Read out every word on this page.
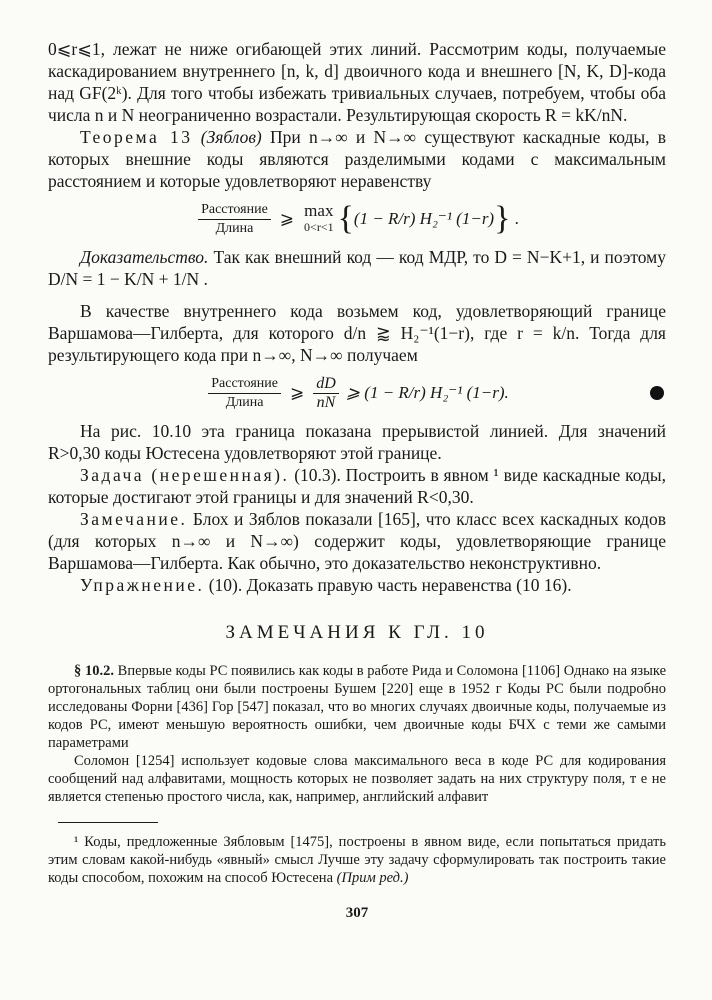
0⩽r⩽1, лежат не ниже огибающей этих линий. Рассмотрим коды, получаемые каскадированием внутреннего [n, k, d] двоичного кода и внешнего [N, K, D]-кода над GF(2ᵏ). Для того чтобы избежать тривиальных случаев, потребуем, чтобы оба числа n и N неограниченно возрастали. Результирующая скорость R = kK/nN.

Теорема 13 (Зяблов) При n→∞ и N→∞ существуют каскадные коды, в которых внешние коды являются разделимыми кодами с максимальным расстоянием и которые удовлетворяют неравенству

$\frac{\text{Расстояние}}{\text{Длина}}$ ⩾ max
0<r<1 { (1 − R/r) H₂⁻¹ (1−r) } .

Доказательство. Так как внешний код — код МДР, то D = N−K+1, и поэтому D/N = 1 − K/N + 1/N .

В качестве внутреннего кода возьмем код, удовлетворяющий границе Варшамова—Гилберта, для которого d/n ⪆ H₂⁻¹(1−r), где r = k/n. Тогда для результирующего кода при n→∞, N→∞ получаем

$\frac{\text{Расстояние}}{\text{Длина}}$ ⩾ $\frac{dD}{nN}$ ⩾ (1 − R/r) H₂⁻¹ (1−r).

На рис. 10.10 эта граница показана прерывистой линией. Для значений R>0,30 коды Юстесена удовлетворяют этой границе.

Задача (нерешенная). (10.3). Построить в явном ¹ виде каскадные коды, которые достигают этой границы и для значений R<0,30.

Замечание. Блох и Зяблов показали [165], что класс всех каскадных кодов (для которых n→∞ и N→∞) содержит коды, удовлетворяющие границе Варшамова—Гилберта. Как обычно, это доказательство неконструктивно.

Упражнение. (10). Доказать правую часть неравенства (10 16).

ЗАМЕЧАНИЯ К ГЛ. 10

§ 10.2. Впервые коды РС появились как коды в работе Рида и Соломона [1106] Однако на языке ортогональных таблиц они были построены Бушем [220] еще в 1952 г Коды РС были подробно исследованы Форни [436] Гор [547] показал, что во многих случаях двоичные коды, получаемые из кодов РС, имеют меньшую вероятность ошибки, чем двоичные коды БЧХ с теми же самыми параметрами

Соломон [1254] использует кодовые слова максимального веса в коде РС для кодирования сообщений над алфавитами, мощность которых не позволяет задать на них структуру поля, т е не является степенью простого числа, как, например, английский алфавит

¹ Коды, предложенные Зябловым [1475], построены в явном виде, если попытаться придать этим словам какой-нибудь «явный» смысл Лучше эту задачу сформулировать так построить такие коды способом, похожим на способ Юстесена (Прим ред.)

307
